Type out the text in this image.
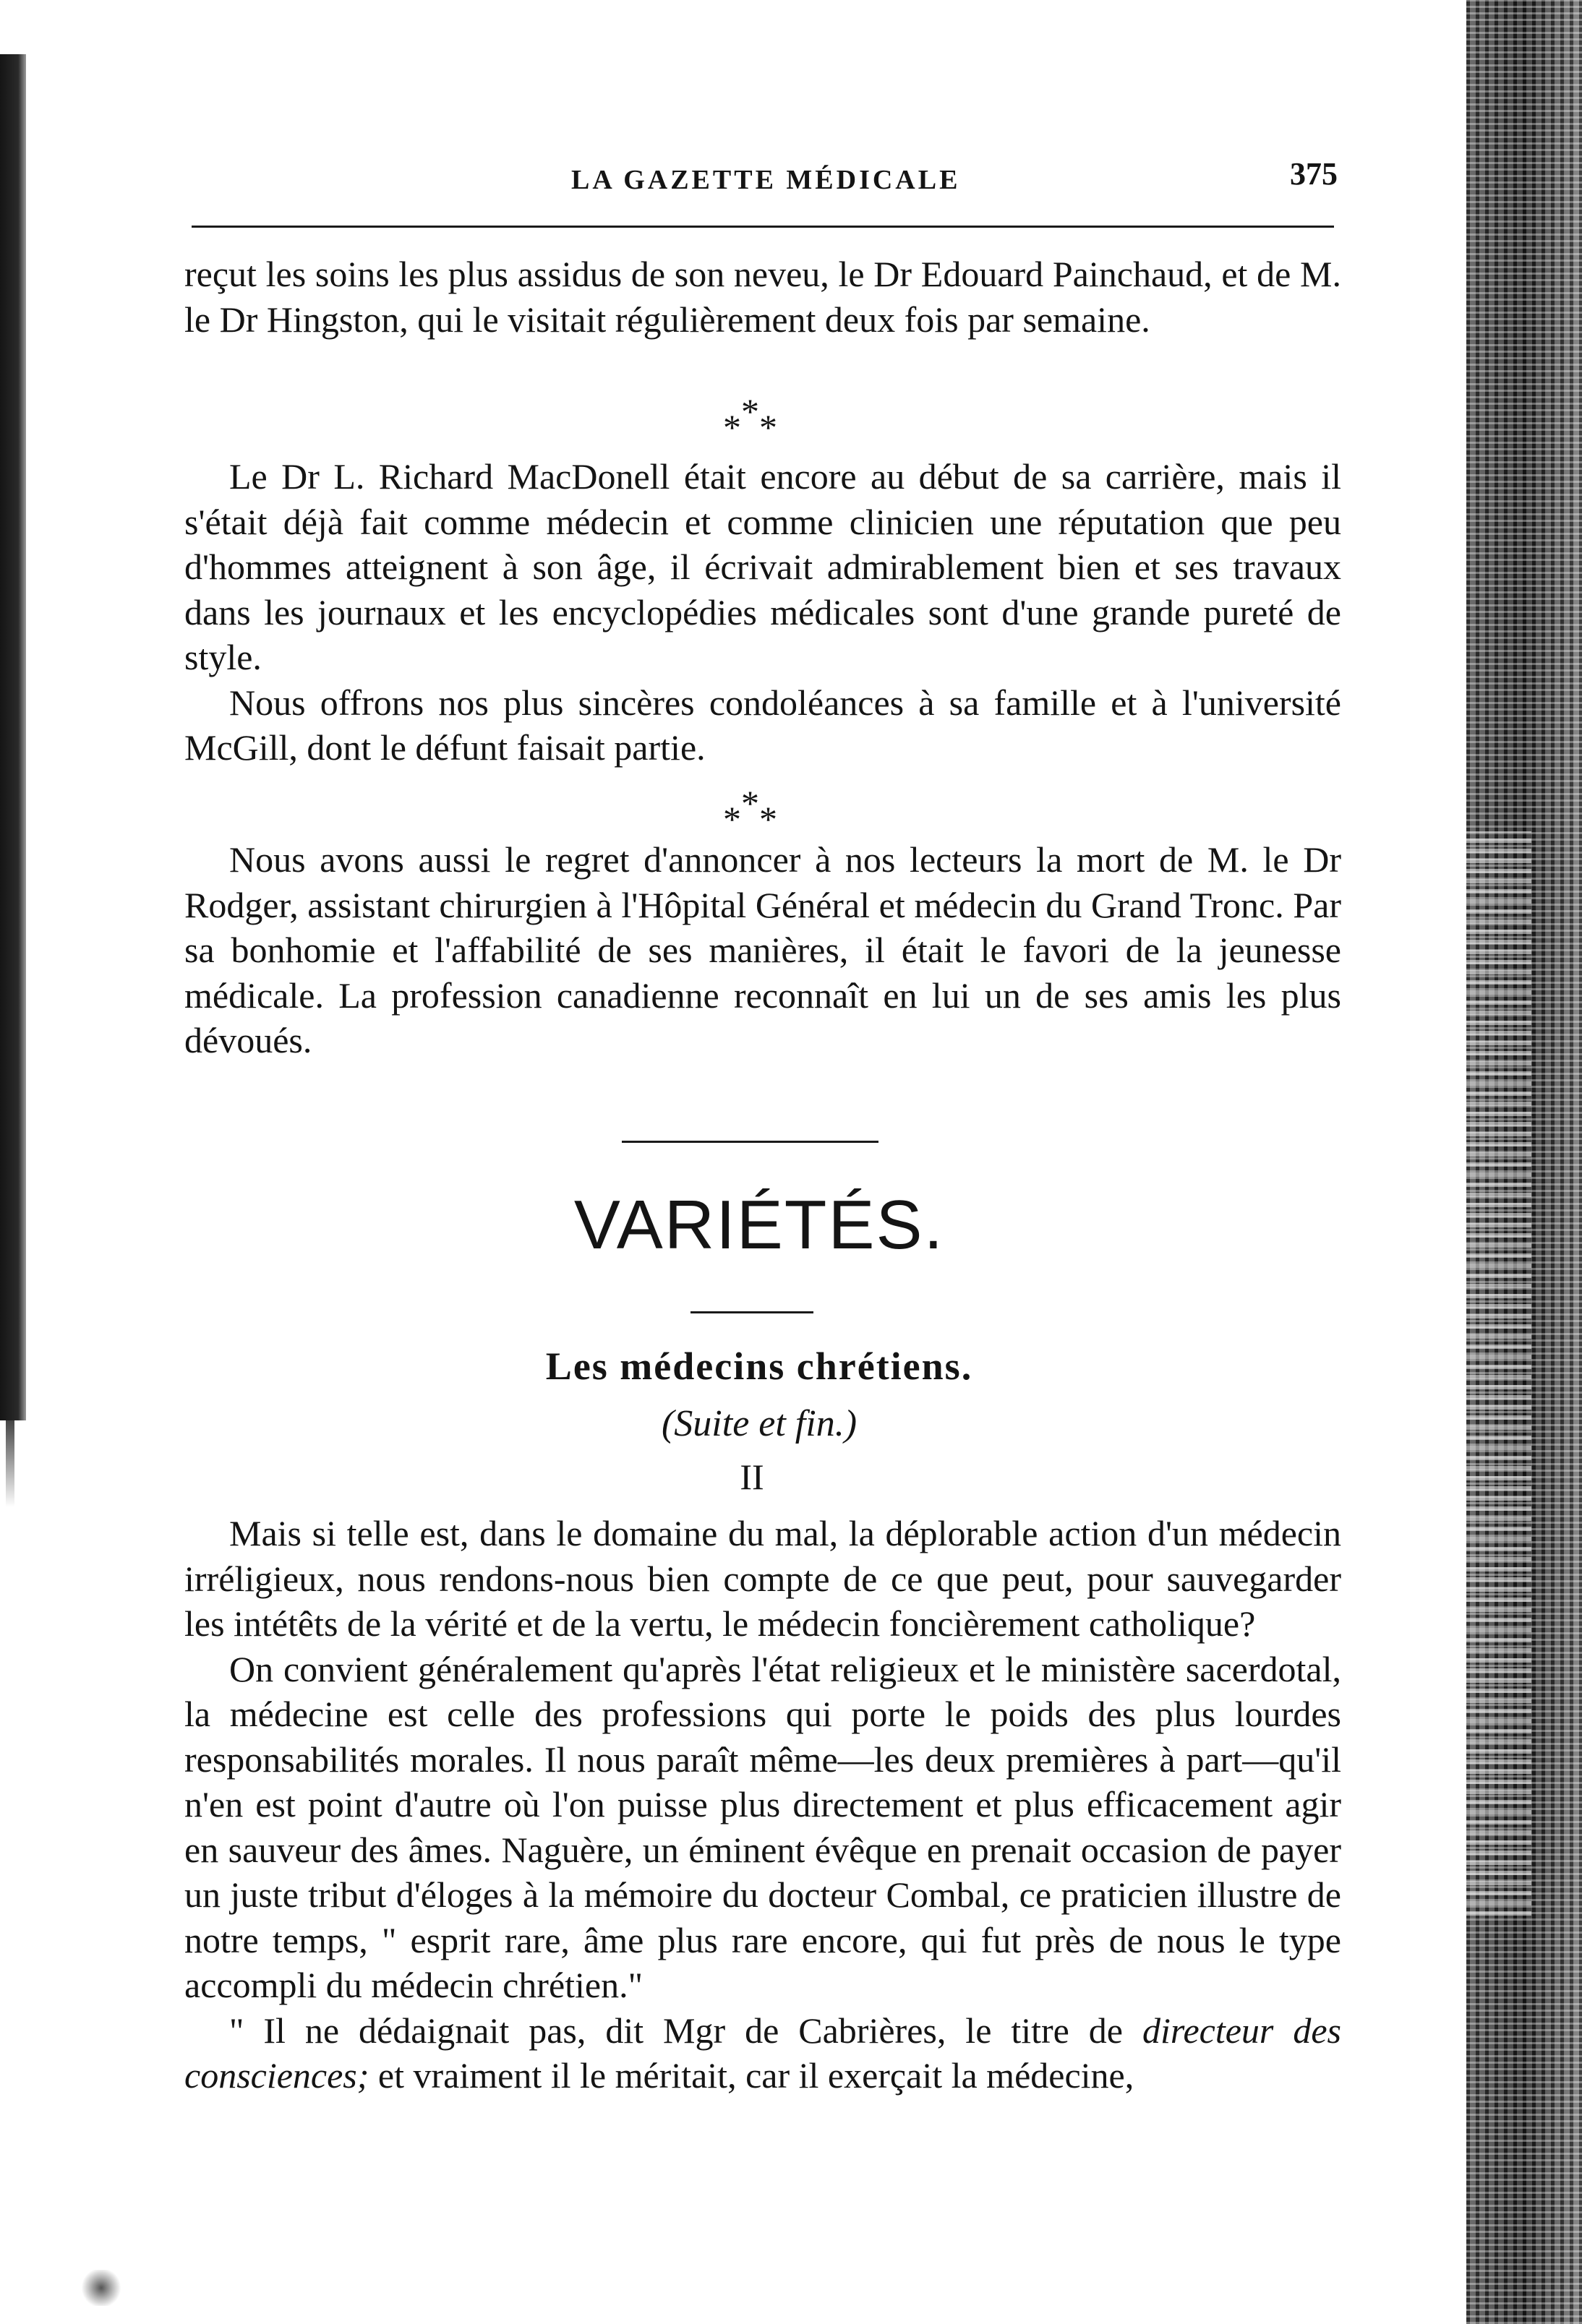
LA GAZETTE MÉDICALE	375

reçut les soins les plus assidus de son neveu, le Dr Edouard Painchaud, et de M. le Dr Hingston, qui le visitait régulièrement deux fois par semaine.

*
* *

Le Dr L. Richard MacDonell était encore au début de sa carrière, mais il s'était déjà fait comme médecin et comme clinicien une réputation que peu d'hommes atteignent à son âge, il écrivait admirablement bien et ses travaux dans les journaux et les encyclopédies médicales sont d'une grande pureté de style.

Nous offrons nos plus sincères condoléances à sa famille et à l'université McGill, dont le défunt faisait partie.

*
* *

Nous avons aussi le regret d'annoncer à nos lecteurs la mort de M. le Dr Rodger, assistant chirurgien à l'Hôpital Général et médecin du Grand Tronc. Par sa bonhomie et l'affabilité de ses manières, il était le favori de la jeunesse médicale. La profession canadienne reconnaît en lui un de ses amis les plus dévoués.

VARIÉTÉS.
Les médecins chrétiens.
(Suite et fin.)
II

Mais si telle est, dans le domaine du mal, la déplorable action d'un médecin irréligieux, nous rendons-nous bien compte de ce que peut, pour sauvegarder les intétêts de la vérité et de la vertu, le médecin foncièrement catholique?

On convient généralement qu'après l'état religieux et le ministère sacerdotal, la médecine est celle des professions qui porte le poids des plus lourdes responsabilités morales. Il nous paraît même—les deux premières à part—qu'il n'en est point d'autre où l'on puisse plus directement et plus efficacement agir en sauveur des âmes. Naguère, un éminent évêque en prenait occasion de payer un juste tribut d'éloges à la mémoire du docteur Combal, ce praticien illustre de notre temps, " esprit rare, âme plus rare encore, qui fut près de nous le type accompli du médecin chrétien."

" Il ne dédaignait pas, dit Mgr de Cabrières, le titre de directeur des consciences; et vraiment il le méritait, car il exerçait la médecine,
